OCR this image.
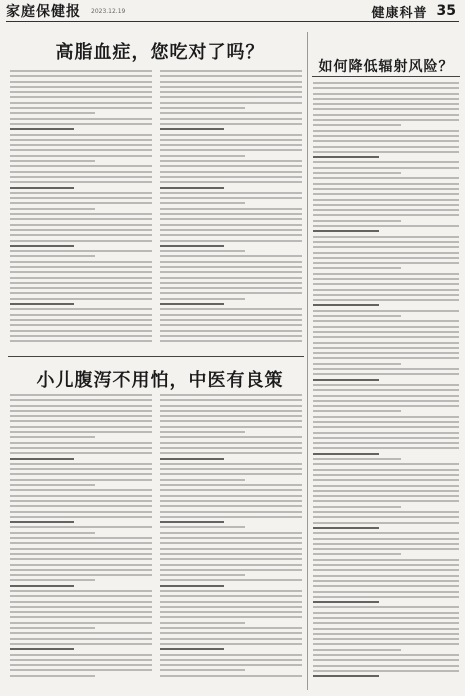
家庭保健报 2023.12.19	健康科普 35
高脂血症，您吃对了吗？
小儿腹泻不用怕，中医有良策
如何降低辐射风险？
